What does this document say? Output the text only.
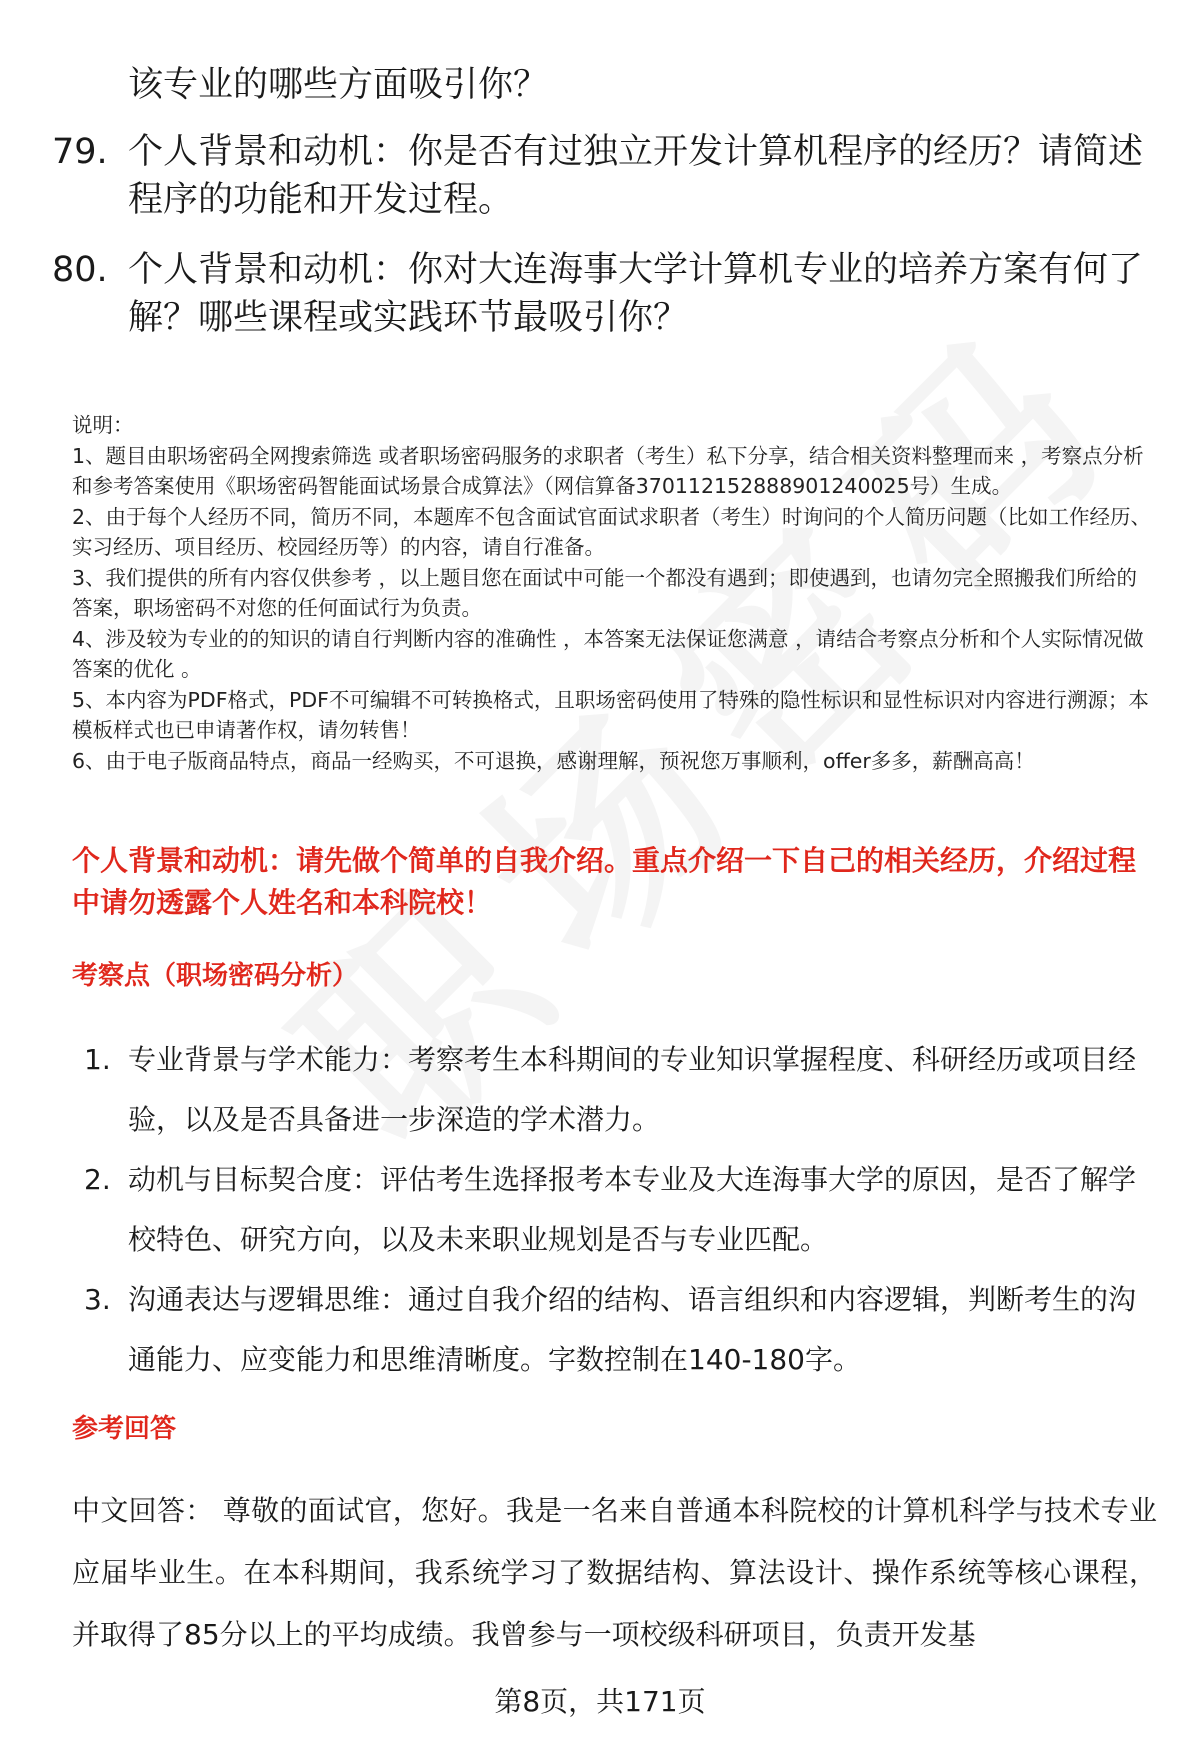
该专业的哪些方面吸引你？
79. 个人背景和动机：你是否有过独立开发计算机程序的经历？请简述程序的功能和开发过程。
80. 个人背景和动机：你对大连海事大学计算机专业的培养方案有何了解？哪些课程或实践环节最吸引你？
说明：
1、题目由职场密码全网搜索筛选 或者职场密码服务的求职者（考生）私下分享，结合相关资料整理而来 ，考察点分析和参考答案使用《职场密码智能面试场景合成算法》（网信算备370112152888901240025号）生成。
2、由于每个人经历不同，简历不同，本题库不包含面试官面试求职者（考生）时询问的个人简历问题（比如工作经历、实习经历、项目经历、校园经历等）的内容，请自行准备。
3、我们提供的所有内容仅供参考 ，以上题目您在面试中可能一个都没有遇到；即使遇到，也请勿完全照搬我们所给的答案，职场密码不对您的任何面试行为负责。
4、涉及较为专业的的知识的请自行判断内容的准确性 ，本答案无法保证您满意 ，请结合考察点分析和个人实际情况做答案的优化 。
5、本内容为PDF格式，PDF不可编辑不可转换格式，且职场密码使用了特殊的隐性标识和显性标识对内容进行溯源；本模板样式也已申请著作权，请勿转售！
6、由于电子版商品特点，商品一经购买，不可退换，感谢理解，预祝您万事顺利，offer多多，薪酬高高！
个人背景和动机：请先做个简单的自我介绍。重点介绍一下自己的相关经历，介绍过程中请勿透露个人姓名和本科院校！
考察点（职场密码分析）
1. 专业背景与学术能力：考察考生本科期间的专业知识掌握程度、科研经历或项目经验，以及是否具备进一步深造的学术潜力。
2. 动机与目标契合度：评估考生选择报考本专业及大连海事大学的原因，是否了解学校特色、研究方向，以及未来职业规划是否与专业匹配。
3. 沟通表达与逻辑思维：通过自我介绍的结构、语言组织和内容逻辑，判断考生的沟通能力、应变能力和思维清晰度。字数控制在140-180字。
参考回答
中文回答： 尊敬的面试官，您好。我是一名来自普通本科院校的计算机科学与技术专业应届毕业生。在本科期间，我系统学习了数据结构、算法设计、操作系统等核心课程，并取得了85分以上的平均成绩。我曾参与一项校级科研项目，负责开发基
第8页，共171页
